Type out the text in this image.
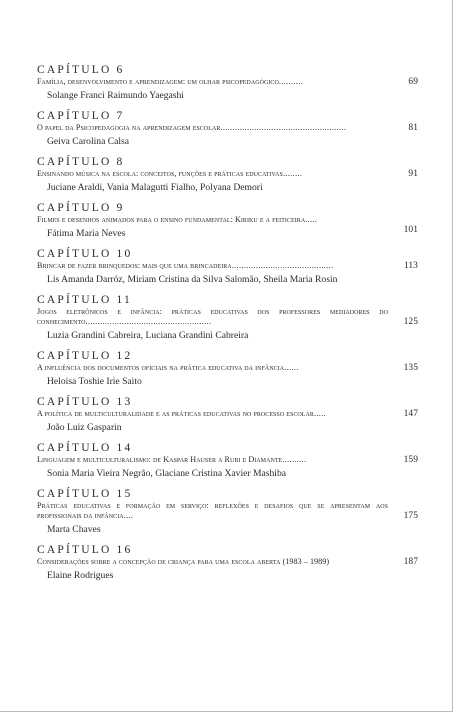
CAPÍTULO 6
Família, desenvolvimento e aprendizagem: um olhar psicopedagógico..........	69
Solange Franci Raimundo Yaegashi
CAPÍTULO 7
O papel da Psicopedagogia na aprendizagem escolar....................................................	81
Geiva Carolina Calsa
CAPÍTULO 8
Ensinando música na escola: conceitos, funções e práticas educativas........	91
Juciane Araldi, Vania Malagutti Fialho, Polyana Demori
CAPÍTULO 9
Filmes e desenhos animados para o ensino fundamental: Kiriku e a feiticeira.....
101
Fátima Maria Neves
CAPÍTULO 10
Brincar de fazer brinquedos: mais que uma brincadeira..........................................	113
Lis Amanda Darróz, Miriam Cristina da Silva Salomão, Sheila Maria Rosin
CAPÍTULO 11
Jogos eletrônicos e infância: práticas educativas dos professores mediadores do conhecimento....................................................	125
Luzia Grandini Cabreira, Luciana Grandini Cabreira
CAPÍTULO 12
A influência dos documentos oficiais na prática educativa da infância......	135
Heloisa Toshie Irie Saito
CAPÍTULO 13
A política de multiculturalidade e as práticas educativas no processo escolar.....	147
João Luiz Gasparin
CAPÍTULO 14
Linguagem e multiculturalismo: de Kaspar Hauser a Rubi e Diamante..........	159
Sonia Maria Vieira Negrão, Glaciane Cristina Xavier Mashiba
CAPÍTULO 15
Práticas educativas e formação em serviço: reflexões e desafios que se apresentam aos profissionais da infância....	175
Marta Chaves
CAPÍTULO 16
Considerações sobre a concepção de criança para uma escola aberta (1983 – 1989)	187
Elaine Rodrigues
